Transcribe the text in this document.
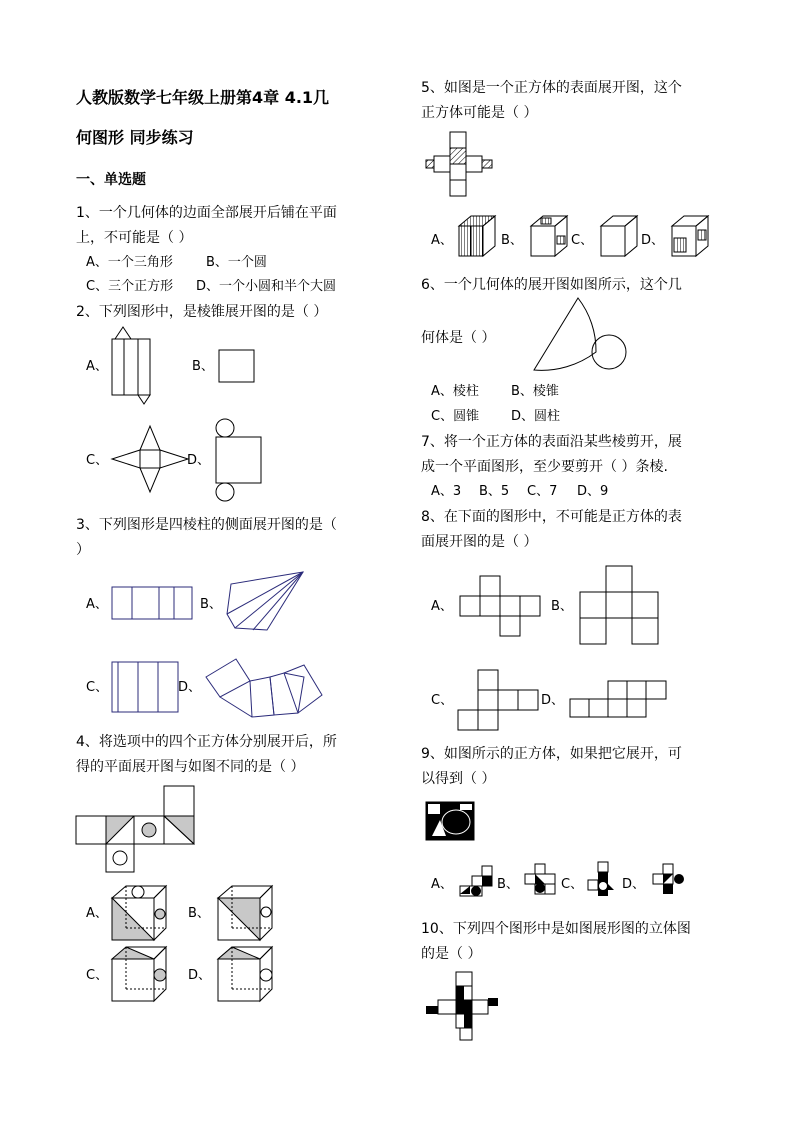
人教版数学七年级上册第4章 4.1几
何图形 同步练习
一、单选题
1、一个几何体的边面全部展开后铺在平面
上，不可能是（ ）
A、一个三角形	B、一个圆
C、三个正方形 D、一个小圆和半个大圆
2、下列图形中，是棱锥展开图的是（ ）
A、	B、
C、	D、
3、下列图形是四棱柱的侧面展开图的是（
）
A、	B、
C、	D、
4、将选项中的四个正方体分别展开后，所
得的平面展开图与如图不同的是（ ）
A、	B、
C、	D、
5、如图是一个正方体的表面展开图，这个
正方体可能是（ ）
A、	B、	C、	D、
6、一个几何体的展开图如图所示，这个几
何体是（ ）
A、棱柱 B、棱锥
C、圆锥 D、圆柱
7、将一个正方体的表面沿某些棱剪开，展
成一个平面图形，至少要剪开（ ）条棱.
A、3 B、5 C、7 D、9
8、在下面的图形中，不可能是正方体的表
面展开图的是（ ）
A、	B、
C、	D、
9、如图所示的正方体，如果把它展开，可
以得到（ ）
A、	B、	C、	D、
10、下列四个图形中是如图展形图的立体图
的是（ ）
